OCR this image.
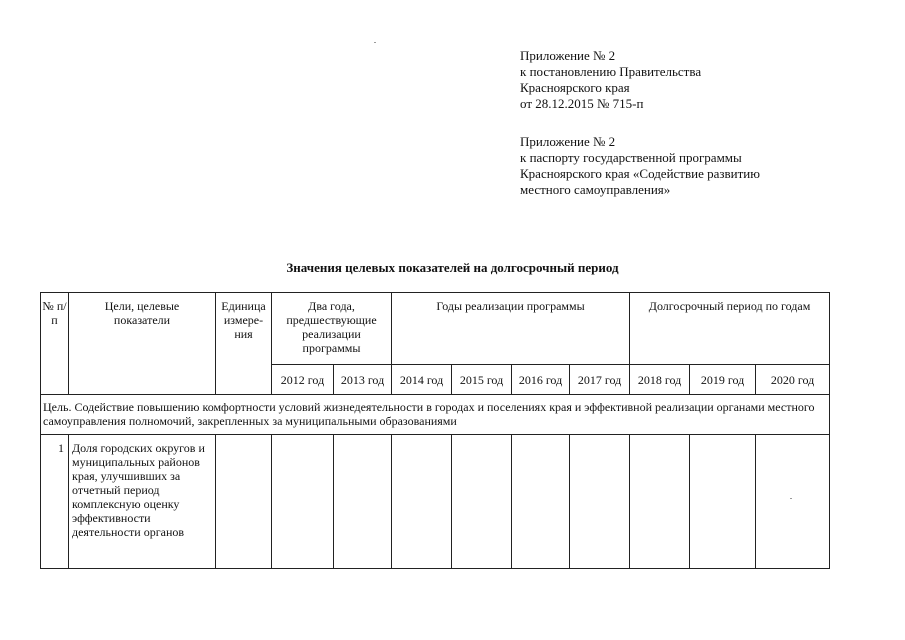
Приложение № 2
к постановлению Правительства
Красноярского края
от 28.12.2015 № 715-п
Приложение № 2
к паспорту государственной программы
Красноярского края «Содействие развитию
местного самоуправления»
Значения целевых показателей на долгосрочный период
№ п/п	Цели, целевые показатели	Единица измере-ния	Два года, предшествующие реализации программы		Годы реализации программы				Долгосрочный период по годам		
			2012 год	2013 год	2014 год	2015 год	2016 год	2017 год	2018 год	2019 год	2020 год
Цель. Содействие повышению комфортности условий жизнедеятельности в городах и поселениях края и эффективной реализации органами местного самоуправления полномочий, закрепленных за муниципальными образованиями											
1	Доля городских округов и муниципальных районов края, улучшивших за отчетный период комплексную оценку эффективности деятельности органов										
